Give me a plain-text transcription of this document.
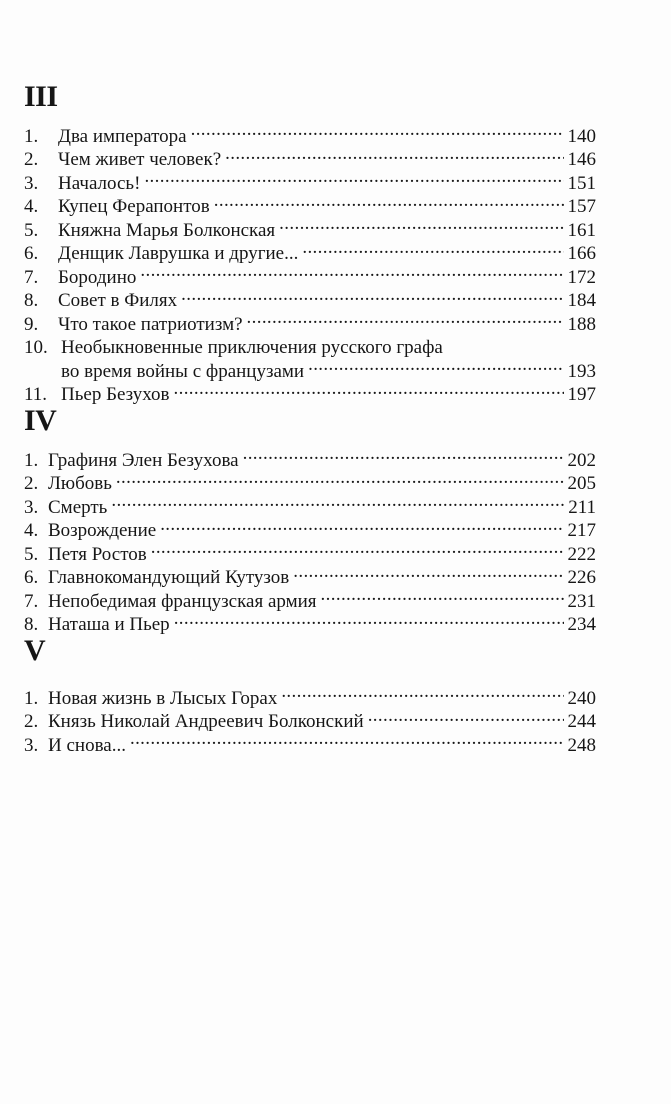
III
1.	Два императора . . .	140
2.	Чем живет человек? . . .	146
3.	Началось! . . .	151
4.	Купец Ферапонтов . . .	157
5.	Княжна Марья Болконская . . .	161
6.	Денщик Лаврушка и другие... . . .	166
7.	Бородино . . .	172
8.	Совет в Филях . . .	184
9.	Что такое патриотизм? . . .	188
10. Необыкновенные приключения русского графа
во время войны с французами . . .	193
11. Пьер Безухов . . .	197
IV
1. Графиня Элен Безухова . . .	202
2. Любовь . . .	205
3. Смерть . . .	211
4. Возрождение . . .	217
5. Петя Ростов . . .	222
6. Главнокомандующий Кутузов . . .	226
7. Непобедимая французская армия . . .	231
8. Наташа и Пьер . . .	234
V
1. Новая жизнь в Лысых Горах . . .	240
2. Князь Николай Андреевич Болконский . . .	244
3. И снова... . . .	248
